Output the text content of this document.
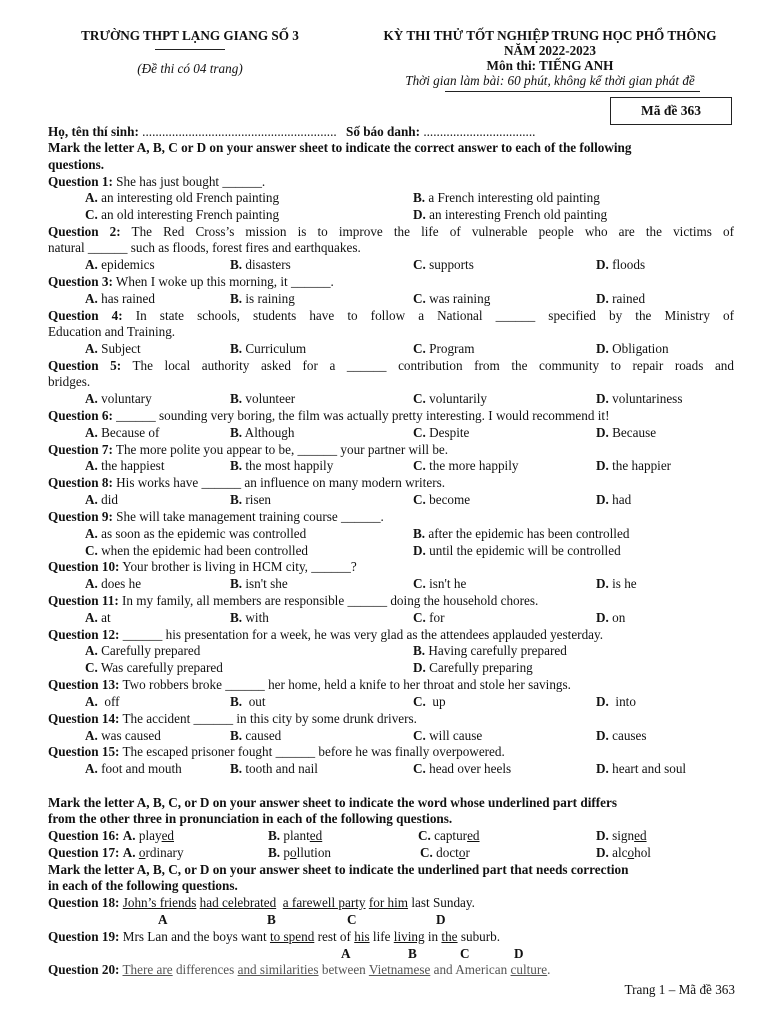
TRƯỜNG THPT LẠNG GIANG SỐ 3
(Đề thi có 04 trang)
KỲ THI THỬ TỐT NGHIỆP TRUNG HỌC PHỔ THÔNG
NĂM 2022-2023
Môn thi: TIẾNG ANH
Thời gian làm bài: 60 phút, không kể thời gian phát đề
Mã đề 363
Họ, tên thí sinh: ........................................................... Số báo danh: ..................................
Mark the letter A, B, C or D on your answer sheet to indicate the correct answer to each of the following
questions.
Question 1: She has just bought ______.
A. an interesting old French painting	B. a French interesting old painting
C. an old interesting French painting	D. an interesting French old painting
Question 2: The Red Cross’s mission is to improve the life of vulnerable people who are the victims of
natural ______ such as floods, forest fires and earthquakes.
A. epidemics	B. disasters	C. supports	D. floods
Question 3: When I woke up this morning, it ______.
A. has rained	B. is raining	C. was raining	D. rained
Question 4: In state schools, students have to follow a National ______ specified by the Ministry of
Education and Training.
A. Subject	B. Curriculum	C. Program	D. Obligation
Question 5: The local authority asked for a ______ contribution from the community to repair roads and
bridges.
A. voluntary	B. volunteer	C. voluntarily	D. voluntariness
Question 6: ______ sounding very boring, the film was actually pretty interesting. I would recommend it!
A. Because of	B. Although	C. Despite	D. Because
Question 7: The more polite you appear to be, ______ your partner will be.
A. the happiest	B. the most happily	C. the more happily	D. the happier
Question 8: His works have ______ an influence on many modern writers.
A. did	B. risen	C. become	D. had
Question 9: She will take management training course ______.
A. as soon as the epidemic was controlled	B. after the epidemic has been controlled
C. when the epidemic had been controlled	D. until the epidemic will be controlled
Question 10: Your brother is living in HCM city, ______?
A. does he	B. isn't she	C. isn't he	D. is he
Question 11: In my family, all members are responsible ______ doing the household chores.
A. at	B. with	C. for	D. on
Question 12: ______ his presentation for a week, he was very glad as the attendees applauded yesterday.
A. Carefully prepared	B. Having carefully prepared
C. Was carefully prepared	D. Carefully preparing
Question 13: Two robbers broke ______ her home, held a knife to her throat and stole her savings.
A. off	B. out	C. up	D. into
Question 14: The accident ______ in this city by some drunk drivers.
A. was caused	B. caused	C. will cause	D. causes
Question 15: The escaped prisoner fought ______ before he was finally overpowered.
A. foot and mouth	B. tooth and nail	C. head over heels	D. heart and soul
Mark the letter A, B, C, or D on your answer sheet to indicate the word whose underlined part differs
from the other three in pronunciation in each of the following questions.
Question 16: A. played	B. planted	C. captured	D. signed
Question 17: A. ordinary	B. pollution	C. doctor	D. alcohol
Mark the letter A, B, C, or D on your answer sheet to indicate the underlined part that needs correction
in each of the following questions.
Question 18: John’s friends had celebrated a farewell party for him last Sunday.
A	B	C	D
Question 19: Mrs Lan and the boys want to spend rest of his life living in the suburb.
A	B	C	D
Question 20: There are differences and similarities between Vietnamese and American culture.
Trang 1 – Mã đề 363
